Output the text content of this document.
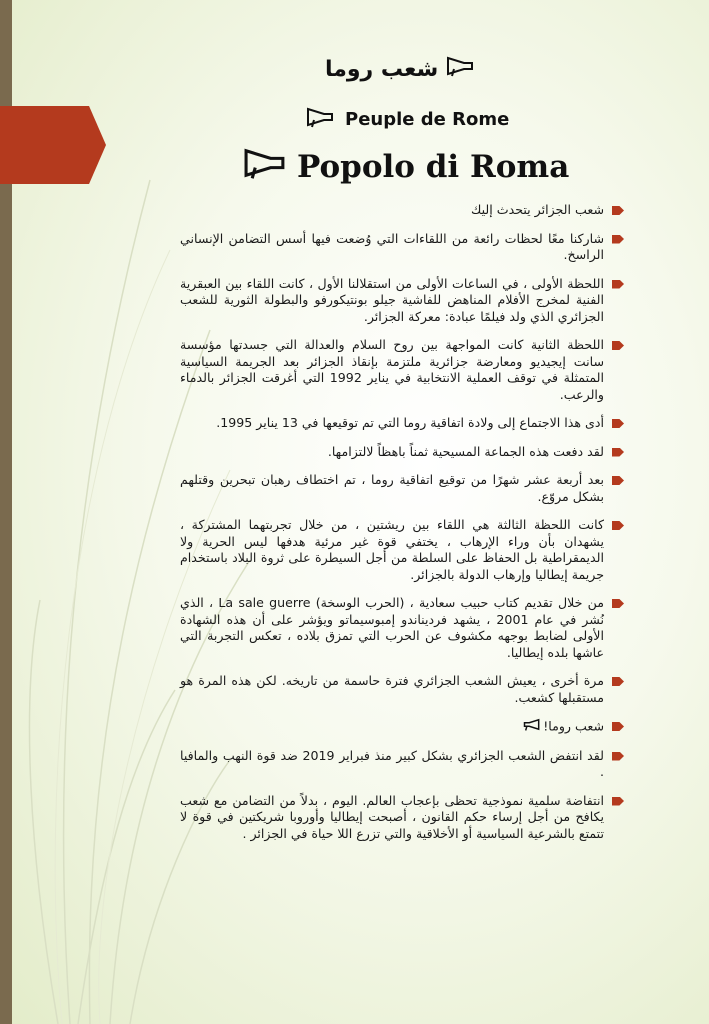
شعب روما
Peuple de Rome
Popolo di Roma
شعب الجزائر يتحدث إليك
شاركنا معًا لحظات رائعة من اللقاءات التي وُضعت فيها أسس التضامن الإنساني الراسخ.
اللحظة الأولى ، في الساعات الأولى من استقلالنا الأول ، كانت اللقاء بين العبقرية الفنية لمخرج الأفلام المناهض للفاشية جيلو بونتيكورفو والبطولة الثورية للشعب الجزائري الذي ولد فيلمًا عبادة: معركة الجزائر.
اللحظة الثانية كانت المواجهة بين روح السلام والعدالة التي جسدتها مؤسسة سانت إيجيديو ومعارضة جزائرية ملتزمة بإنقاذ الجزائر بعد الجريمة السياسية المتمثلة في توقف العملية الانتخابية في يناير 1992 التي أغرقت الجزائر بالدماء والرعب.
أدى هذا الاجتماع إلى ولادة اتفاقية روما التي تم توقيعها في 13 يناير 1995.
لقد دفعت هذه الجماعة المسيحية ثمناً باهظاً لالتزامها.
بعد أربعة عشر شهرًا من توقيع اتفاقية روما ، تم اختطاف رهبان تبحرين وقتلهم بشكل مروّع.
كانت اللحظة الثالثة هي اللقاء بين ريشتين ، من خلال تجربتهما المشتركة ، يشهدان بأن وراء الإرهاب ، يختفي قوة غير مرئية هدفها ليس الحرية ولا الديمقراطية بل الحفاظ على السلطة من أجل السيطرة على ثروة البلاد باستخدام جريمة إيطاليا وإرهاب الدولة بالجزائر.
من خلال تقديم كتاب حبيب سعادية ، (الحرب الوسخة) La sale guerre ، الذي نُشر في عام 2001 ، يشهد فرديناندو إمبوسيماتو ويؤشر على أن هذه الشهادة الأولى لضابط بوجهه مكشوف عن الحرب التي تمزق بلاده ، تعكس التجربة التي عاشها بلده إيطاليا.
مرة أخرى ، يعيش الشعب الجزائري فترة حاسمة من تاريخه. لكن هذه المرة هو مستقبلها كشعب.
شعب روما!
لقد انتفض الشعب الجزائري بشكل كبير منذ فبراير 2019 ضد قوة النهب والمافيا .
انتفاضة سلمية نموذجية تحظى بإعجاب العالم. اليوم ، بدلاً من التضامن مع شعب يكافح من أجل إرساء حكم القانون ، أصبحت إيطاليا وأوروبا شريكتين في قوة لا تتمتع بالشرعية السياسية أو الأخلاقية والتي تزرع اللا حياة في الجزائر .
